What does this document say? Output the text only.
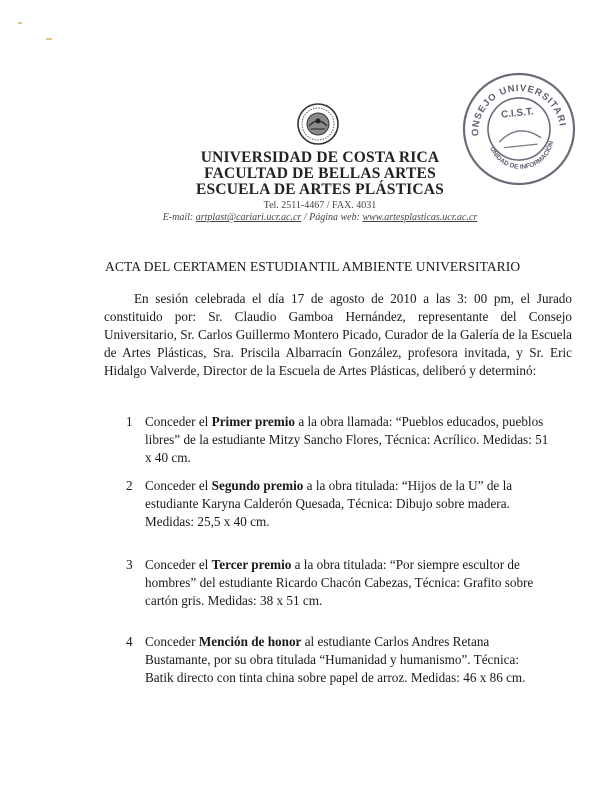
CONSEJO UNIVERSITARIO
C.I.S.T.
UNIDAD DE INFORMACIÓN
UNIVERSIDAD DE COSTA RICA
FACULTAD DE BELLAS ARTES
ESCUELA DE ARTES PLÁSTICAS
Tel. 2511-4467 / FAX. 4031
E-mail: artplast@cariari.ucr.ac.cr / Página web: www.artesplasticas.ucr.ac.cr
ACTA DEL CERTAMEN ESTUDIANTIL AMBIENTE UNIVERSITARIO
En sesión celebrada el día 17 de agosto de 2010 a las 3: 00 pm, el Jurado constituido por: Sr. Claudio Gamboa Hernández, representante del Consejo Universitario, Sr. Carlos Guillermo Montero Picado, Curador de la Galería de la Escuela de Artes Plásticas, Sra. Priscila Albarracín González, profesora invitada, y Sr. Eric Hidalgo Valverde, Director de la Escuela de Artes Plásticas, deliberó y determinó:
1 Conceder el Primer premio a la obra llamada: “Pueblos educados, pueblos libres” de la estudiante Mitzy Sancho Flores, Técnica: Acrílico. Medidas: 51 x 40 cm.
2 Conceder el Segundo premio a la obra titulada: “Hijos de la U” de la estudiante Karyna Calderón Quesada, Técnica: Dibujo sobre madera. Medidas: 25,5 x 40 cm.
3 Conceder el Tercer premio a la obra titulada: “Por siempre escultor de hombres” del estudiante Ricardo Chacón Cabezas, Técnica: Grafito sobre cartón gris. Medidas: 38 x 51 cm.
4 Conceder Mención de honor al estudiante Carlos Andres Retana Bustamante, por su obra titulada “Humanidad y humanismo”. Técnica: Batik directo con tinta china sobre papel de arroz. Medidas: 46 x 86 cm.
